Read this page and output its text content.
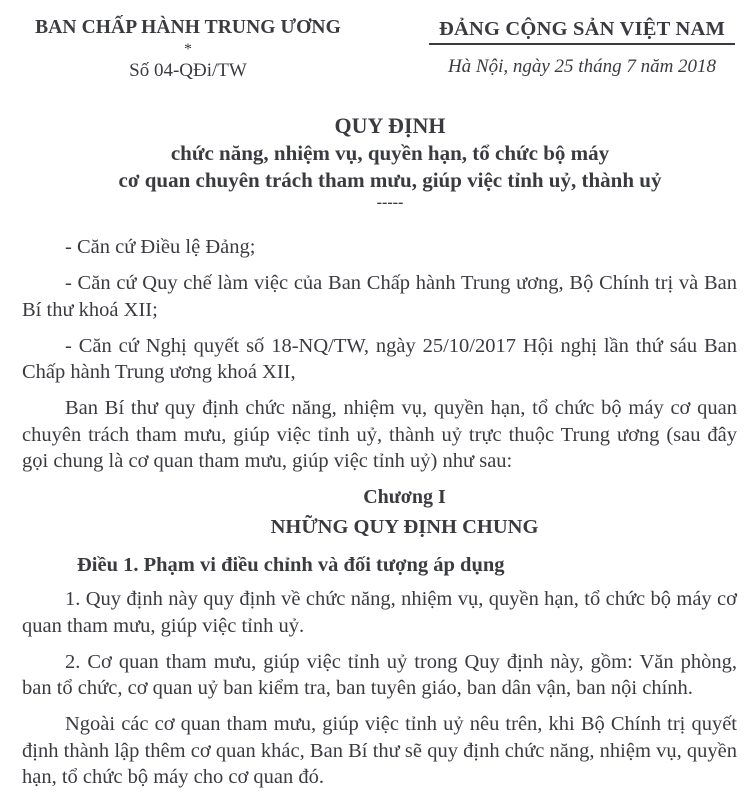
BAN CHẤP HÀNH TRUNG ƯƠNG
*
Số 04-QĐi/TW
ĐẢNG CỘNG SẢN VIỆT NAM
Hà Nội, ngày 25 tháng 7 năm 2018
QUY ĐỊNH
chức năng, nhiệm vụ, quyền hạn, tổ chức bộ máy
cơ quan chuyên trách tham mưu, giúp việc tỉnh uỷ, thành uỷ
-----

- Căn cứ Điều lệ Đảng;

- Căn cứ Quy chế làm việc của Ban Chấp hành Trung ương, Bộ Chính trị và Ban Bí thư khoá XII;

- Căn cứ Nghị quyết số 18-NQ/TW, ngày 25/10/2017 Hội nghị lần thứ sáu Ban Chấp hành Trung ương khoá XII,

Ban Bí thư quy định chức năng, nhiệm vụ, quyền hạn, tổ chức bộ máy cơ quan chuyên trách tham mưu, giúp việc tỉnh uỷ, thành uỷ trực thuộc Trung ương (sau đây gọi chung là cơ quan tham mưu, giúp việc tỉnh uỷ) như sau:

Chương I
NHỮNG QUY ĐỊNH CHUNG
Điều 1. Phạm vi điều chỉnh và đối tượng áp dụng

1. Quy định này quy định về chức năng, nhiệm vụ, quyền hạn, tổ chức bộ máy cơ quan tham mưu, giúp việc tỉnh uỷ.

2. Cơ quan tham mưu, giúp việc tỉnh uỷ trong Quy định này, gồm: Văn phòng, ban tổ chức, cơ quan uỷ ban kiểm tra, ban tuyên giáo, ban dân vận, ban nội chính.

Ngoài các cơ quan tham mưu, giúp việc tỉnh uỷ nêu trên, khi Bộ Chính trị quyết định thành lập thêm cơ quan khác, Ban Bí thư sẽ quy định chức năng, nhiệm vụ, quyền hạn, tổ chức bộ máy cho cơ quan đó.
